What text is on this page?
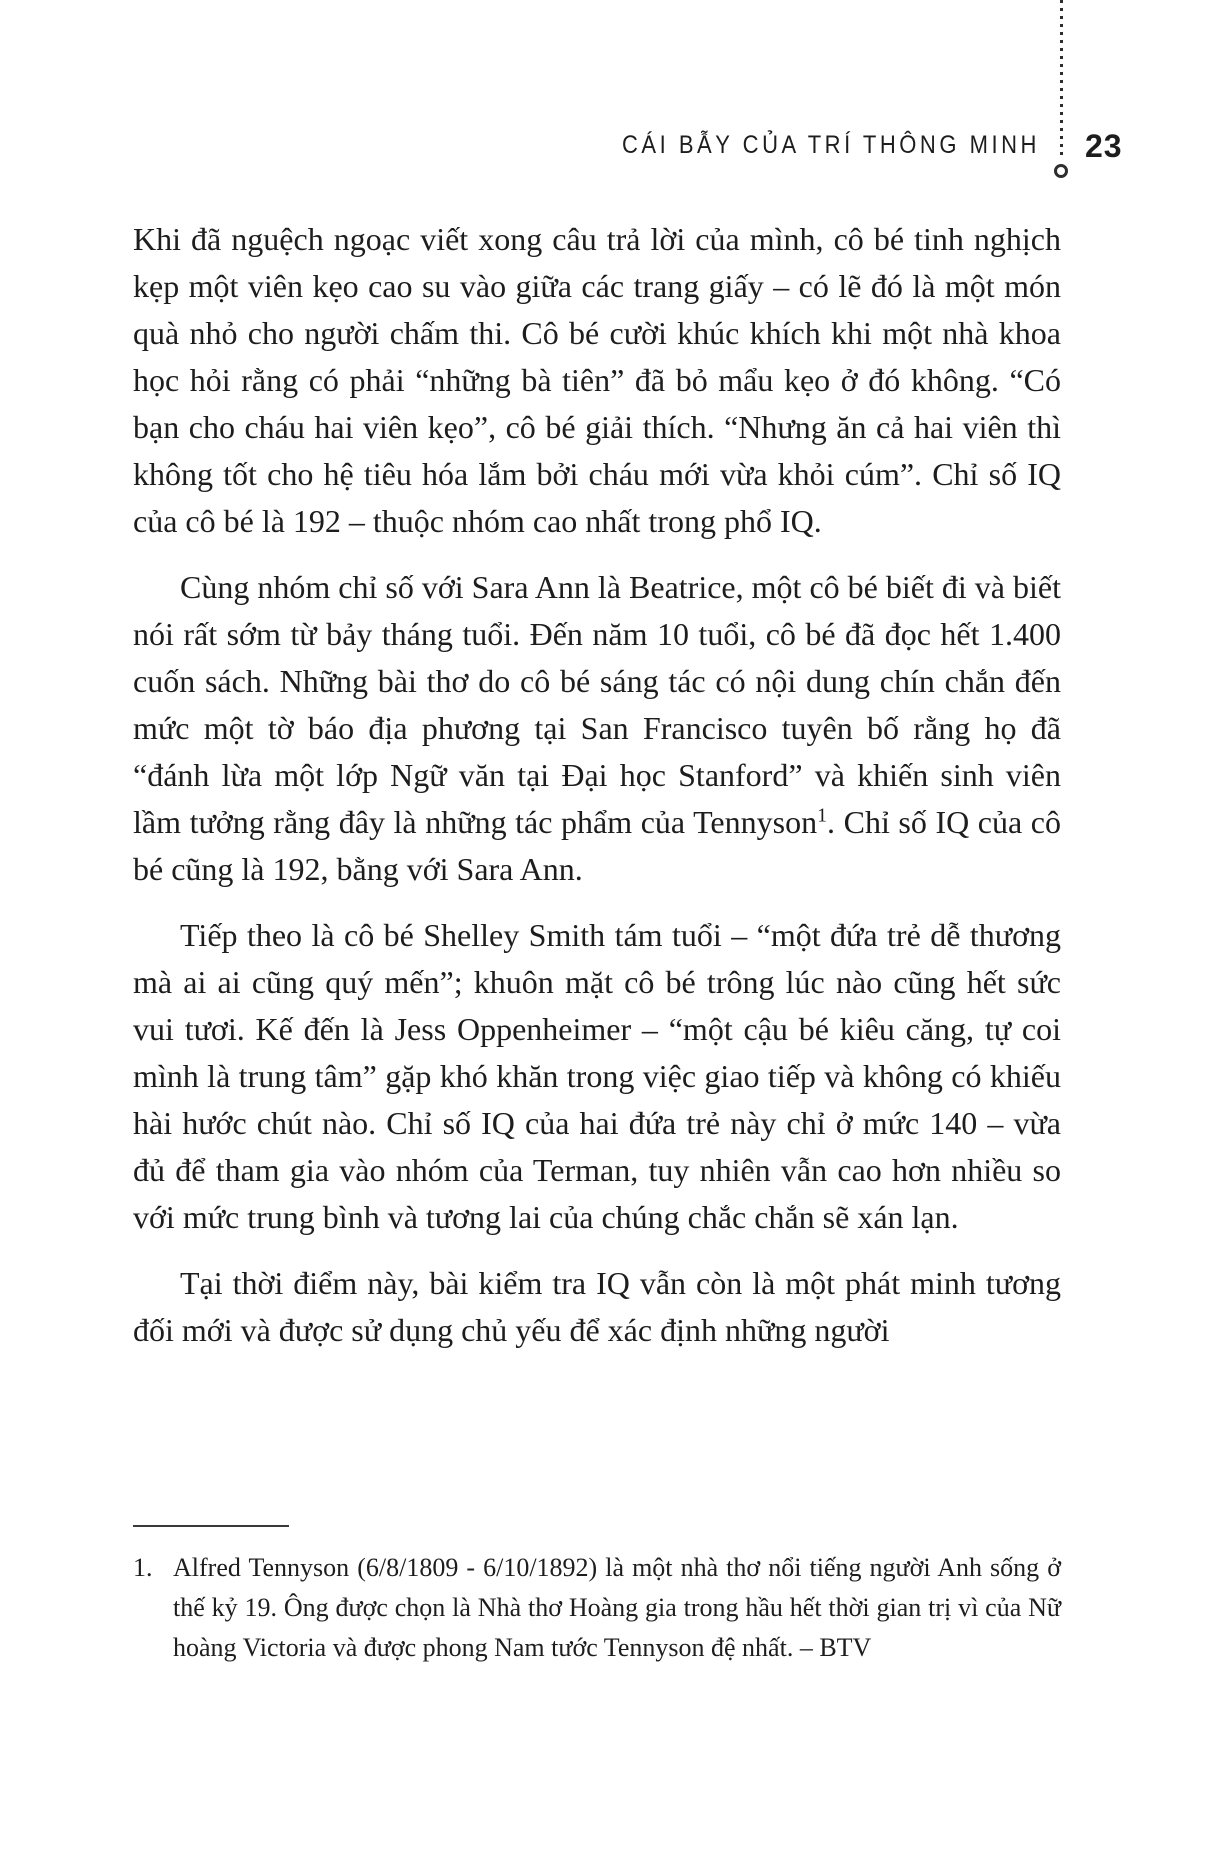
CÁI BẪY CỦA TRÍ THÔNG MINH 23

Khi đã nguệch ngoạc viết xong câu trả lời của mình, cô bé tinh nghịch kẹp một viên kẹo cao su vào giữa các trang giấy – có lẽ đó là một món quà nhỏ cho người chấm thi. Cô bé cười khúc khích khi một nhà khoa học hỏi rằng có phải “những bà tiên” đã bỏ mẩu kẹo ở đó không. “Có bạn cho cháu hai viên kẹo”, cô bé giải thích. “Nhưng ăn cả hai viên thì không tốt cho hệ tiêu hóa lắm bởi cháu mới vừa khỏi cúm”. Chỉ số IQ của cô bé là 192 – thuộc nhóm cao nhất trong phổ IQ.

Cùng nhóm chỉ số với Sara Ann là Beatrice, một cô bé biết đi và biết nói rất sớm từ bảy tháng tuổi. Đến năm 10 tuổi, cô bé đã đọc hết 1.400 cuốn sách. Những bài thơ do cô bé sáng tác có nội dung chín chắn đến mức một tờ báo địa phương tại San Francisco tuyên bố rằng họ đã “đánh lừa một lớp Ngữ văn tại Đại học Stanford” và khiến sinh viên lầm tưởng rằng đây là những tác phẩm của Tennyson$^1$. Chỉ số IQ của cô bé cũng là 192, bằng với Sara Ann.

Tiếp theo là cô bé Shelley Smith tám tuổi – “một đứa trẻ dễ thương mà ai ai cũng quý mến”; khuôn mặt cô bé trông lúc nào cũng hết sức vui tươi. Kế đến là Jess Oppenheimer – “một cậu bé kiêu căng, tự coi mình là trung tâm” gặp khó khăn trong việc giao tiếp và không có khiếu hài hước chút nào. Chỉ số IQ của hai đứa trẻ này chỉ ở mức 140 – vừa đủ để tham gia vào nhóm của Terman, tuy nhiên vẫn cao hơn nhiều so với mức trung bình và tương lai của chúng chắc chắn sẽ xán lạn.

Tại thời điểm này, bài kiểm tra IQ vẫn còn là một phát minh tương đối mới và được sử dụng chủ yếu để xác định những người

1. Alfred Tennyson (6/8/1809 - 6/10/1892) là một nhà thơ nổi tiếng người Anh sống ở thế kỷ 19. Ông được chọn là Nhà thơ Hoàng gia trong hầu hết thời gian trị vì của Nữ hoàng Victoria và được phong Nam tước Tennyson đệ nhất. – BTV
